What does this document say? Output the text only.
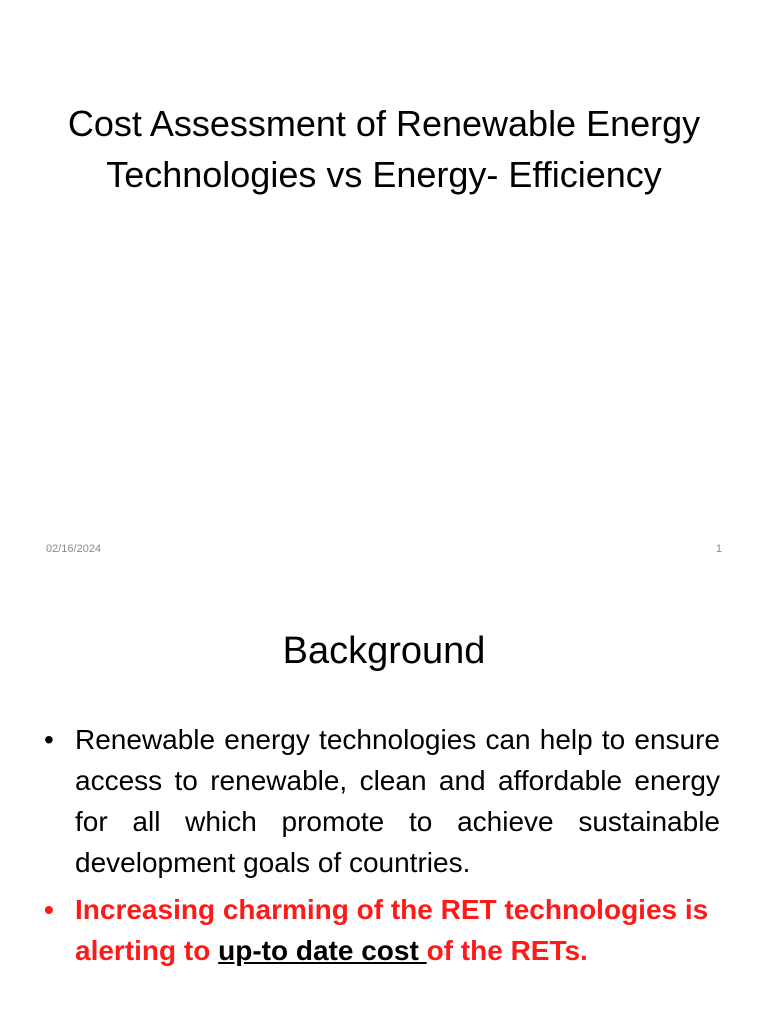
Cost Assessment of Renewable Energy
Technologies vs Energy- Efficiency
02/16/2024	1
Background
• Renewable energy technologies can help to ensure access to renewable, clean and affordable energy for all which promote to achieve sustainable development goals of countries.
• Increasing charming of the RET technologies is alerting to up-to date cost of the RETs.
